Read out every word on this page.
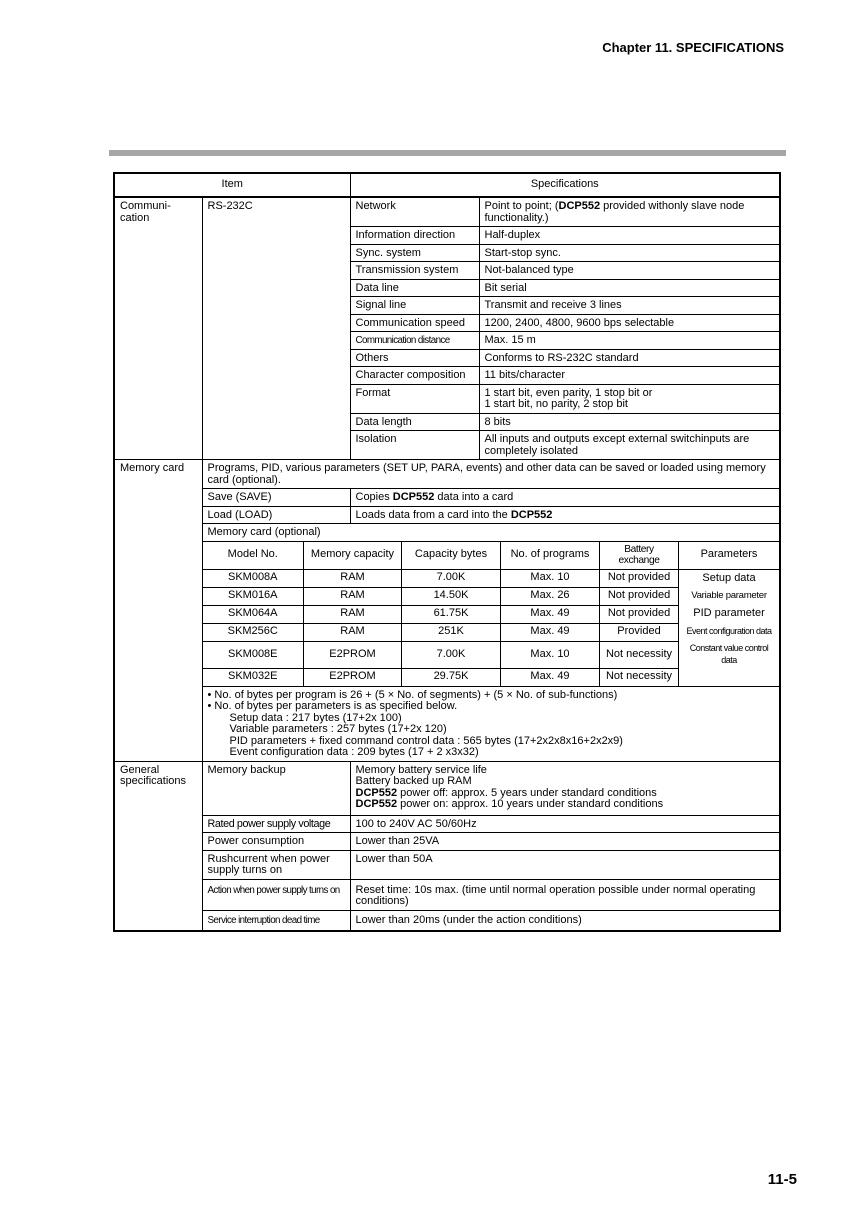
Chapter 11. SPECIFICATIONS
Item	Specifications
Communi-
cation	RS-232C	Network	Point to point; (DCP552 provided withonly slave node functionality.)
Information direction	Half-duplex
Sync. system	Start-stop sync.
Transmission system	Not-balanced type
Data line	Bit serial
Signal line	Transmit and receive 3 lines
Communication speed	1200, 2400, 4800, 9600 bps selectable
Communication distance	Max. 15 m
Others	Conforms to RS-232C standard
Character composition	11 bits/character
Format	1 start bit, even parity, 1 stop bit or
1 start bit, no parity, 2 stop bit
Data length	8 bits
Isolation	All inputs and outputs except external switchinputs are completely isolated
Memory card	Programs, PID, various parameters (SET UP, PARA, events) and other data can be saved or loaded using memory card (optional).
Save (SAVE)	Copies DCP552 data into a card
Load (LOAD)	Loads data from a card into the DCP552
Memory card (optional)

Model No.	Memory capacity	Capacity bytes	No. of programs	Battery exchange	Parameters
SKM008A	RAM	7.00K	Max. 10	Not provided	Setup data
SKM016A	RAM	14.50K	Max. 26	Not provided	Variable parameter
SKM064A	RAM	61.75K	Max. 49	Not provided	PID parameter
SKM256C	RAM	251K	Max. 49	Provided	Event configuration data
SKM008E	E2PROM	7.00K	Max. 10	Not necessity	Constant value control data
SKM032E	E2PROM	29.75K	Max. 49	Not necessity	

• No. of bytes per program is 26 + (5 × No. of segments) + (5 × No. of sub-functions)
• No. of bytes per parameters is as specified below.
Setup data : 217 bytes (17+2x 100)
Variable parameters : 257 bytes (17+2x 120)
PID parameters + fixed command control data : 565 bytes (17+2x2x8x16+2x2x9)
Event configuration data : 209 bytes (17 + 2 x3x32)

General
specifications	Memory backup	Memory battery service life
Battery backed up RAM
DCP552 power off: approx. 5 years under standard conditions
DCP552 power on: approx. 10 years under standard conditions

Rated power supply voltage	100 to 240V AC 50/60Hz
Power consumption	Lower than 25VA
Rushcurrent when power supply turns on	Lower than 50A
Action when power supply turns on	Reset time: 10s max. (time until normal operation possible under normal operating conditions)
Service interruption dead time	Lower than 20ms (under the action conditions)
11-5
